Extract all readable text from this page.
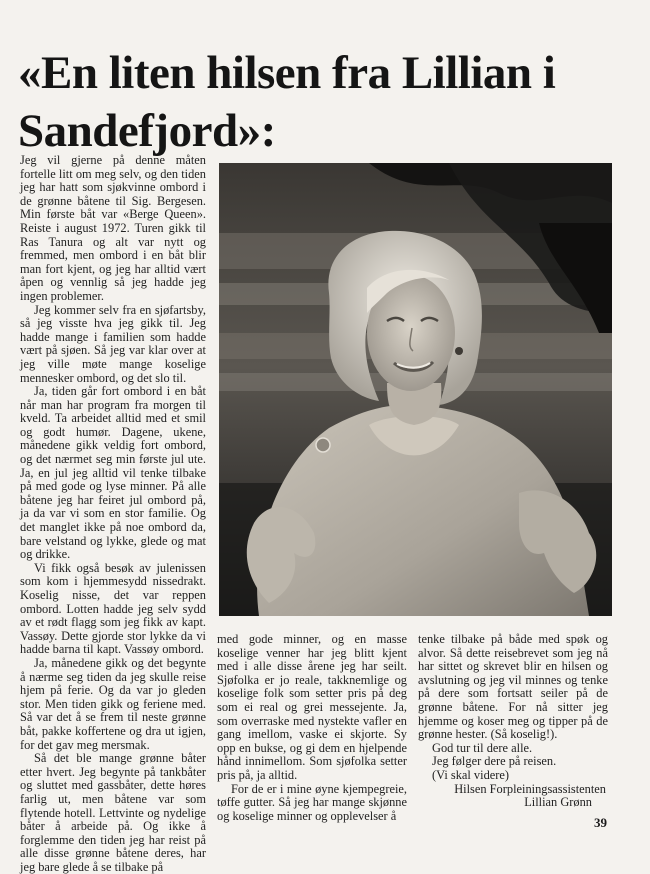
«En liten hilsen fra Lillian i Sandefjord»:

Jeg vil gjerne på denne måten fortelle litt om meg selv, og den tiden jeg har hatt som sjøkvinne ombord i de grønne båtene til Sig. Bergesen. Min første båt var «Berge Queen». Reiste i august 1972. Turen gikk til Ras Tanura og alt var nytt og fremmed, men ombord i en båt blir man fort kjent, og jeg har alltid vært åpen og vennlig så jeg hadde jeg ingen problemer.

Jeg kommer selv fra en sjøfartsby, så jeg visste hva jeg gikk til. Jeg hadde mange i familien som hadde vært på sjøen. Så jeg var klar over at jeg ville møte mange koselige mennesker ombord, og det slo til.

Ja, tiden går fort ombord i en båt når man har program fra morgen til kveld. Ta arbeidet alltid med et smil og godt humør. Dagene, ukene, månedene gikk veldig fort ombord, og det nærmet seg min første jul ute. Ja, en jul jeg alltid vil tenke tilbake på med gode og lyse minner. På alle båtene jeg har feiret jul ombord på, ja da var vi som en stor familie. Og det manglet ikke på noe ombord da, bare velstand og lykke, glede og mat og drikke.

Vi fikk også besøk av julenissen som kom i hjemmesydd nissedrakt. Koselig nisse, det var reppen ombord. Lotten hadde jeg selv sydd av et rødt flagg som jeg fikk av kapt. Vassøy. Dette gjorde stor lykke da vi hadde barna til kapt. Vassøy ombord.

Ja, månedene gikk og det begynte å nærme seg tiden da jeg skulle reise hjem på ferie. Og da var jo gleden stor. Men tiden gikk og feriene med. Så var det å se frem til neste grønne båt, pakke koffertene og dra ut igjen, for det gav meg mersmak.

Så det ble mange grønne båter etter hvert. Jeg begynte på tankbåter og sluttet med gassbåter, dette høres farlig ut, men båtene var som flytende hotell. Lettvinte og nydelige båter å arbeide på. Og ikke å forglemme den tiden jeg har reist på alle disse grønne båtene deres, har jeg bare glede å se tilbake på

med gode minner, og en masse koselige venner har jeg blitt kjent med i alle disse årene jeg har seilt. Sjøfolka er jo reale, takknemlige og koselige folk som setter pris på deg som ei real og grei messejente. Ja, som overraske med nystekte vafler en gang imellom, vaske ei skjorte. Sy opp en bukse, og gi dem en hjelpende hånd innimellom. Som sjøfolka setter pris på, ja alltid.

For de er i mine øyne kjempegreie, tøffe gutter. Så jeg har mange skjønne og koselige minner og opplevelser å

tenke tilbake på både med spøk og alvor. Så dette reisebrevet som jeg nå har sittet og skrevet blir en hilsen og avslutning og jeg vil minnes og tenke på dere som fortsatt seiler på de grønne båtene. For nå sitter jeg hjemme og koser meg og tipper på de grønne hester. (Så koselig!).

God tur til dere alle.

Jeg følger dere på reisen.

(Vi skal videre)

Hilsen Forpleiningsassistenten

Lillian Grønn

39
